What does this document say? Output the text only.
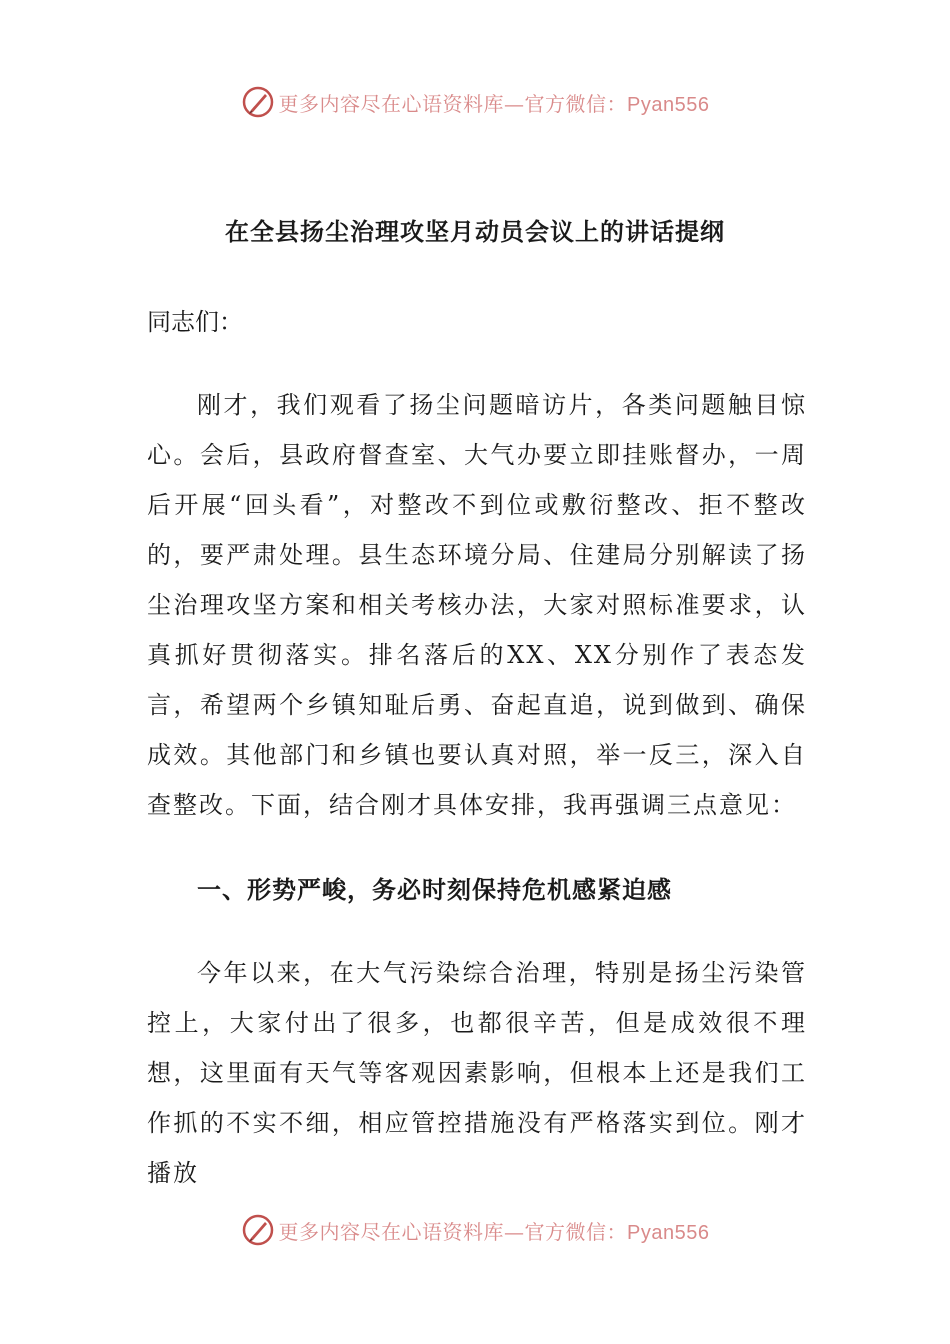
更多内容尽在心语资料库—官方微信：Pyan556
在全县扬尘治理攻坚月动员会议上的讲话提纲

同志们：

刚才，我们观看了扬尘问题暗访片，各类问题触目惊心。会后，县政府督查室、大气办要立即挂账督办，一周后开展“回头看”，对整改不到位或敷衍整改、拒不整改的，要严肃处理。县生态环境分局、住建局分别解读了扬尘治理攻坚方案和相关考核办法，大家对照标准要求，认真抓好贯彻落实。排名落后的XX、XX分别作了表态发言，希望两个乡镇知耻后勇、奋起直追，说到做到、确保成效。其他部门和乡镇也要认真对照，举一反三，深入自查整改。下面，结合刚才具体安排，我再强调三点意见：

一、形势严峻，务必时刻保持危机感紧迫感

今年以来，在大气污染综合治理，特别是扬尘污染管控上，大家付出了很多，也都很辛苦，但是成效很不理想，这里面有天气等客观因素影响，但根本上还是我们工作抓的不实不细，相应管控措施没有严格落实到位。刚才播放

更多内容尽在心语资料库—官方微信：Pyan556
